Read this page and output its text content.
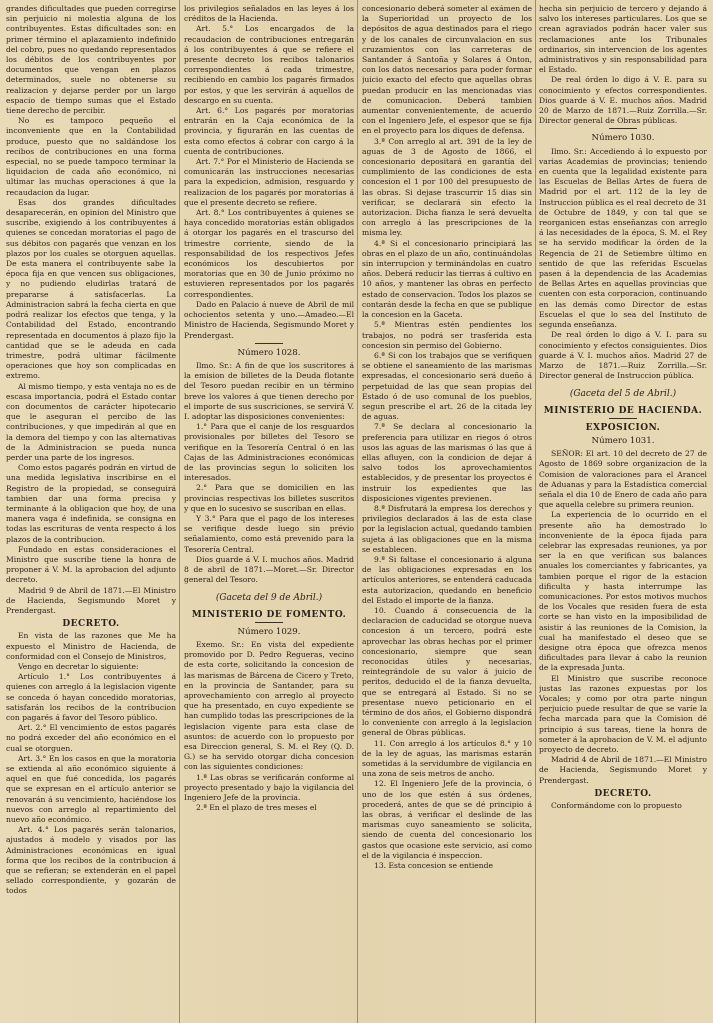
grandes dificultades que pueden corregirse sin perjuicio ni molestia alguna de los contribuyentes. Estas dificultades son: en primer término el aplazamiento indefinido del cobro, pues no quedando representados los débitos de los contribuyentes por documentos que vengan en plazos determinados, suele no obtenerse su realizacion y dejarse perder por un largo espacio de tiempo sumas que el Estado tiene derecho de percibir.

No es tampoco pequeño el inconveniente que en la Contabilidad produce, puesto que no saldándose los recibos de contribuciones en una forma especial, no se puede tampoco terminar la liquidacion de cada año económico, ni ultimar las muchas operaciones á que la recaudacion da lugar.

Esas dos grandes dificultades desaparecerán, en opinion del Ministro que suscribe, exigiendo á los contribuyentes á quienes se concedan moratorias el pago de sus débitos con pagarés que venzan en los plazos por los cuales se otorguen aquellas. De esta manera el contribuyente sabe la época fija en que vencen sus obligaciones, y no pudiendo eludirlas tratará de prepararse á satisfacerlas. La Administracion sabrá la fecha cierta en que podrá realizar los efectos que tenga, y la Contabilidad del Estado, encontrando representada en documentos á plazo fijo la cantidad que se le adeuda en cada trimestre, podrá ultimar fácilmente operaciones que hoy son complicadas en extremo.

Al mismo tiempo, y esta ventaja no es de escasa importancia, podrá el Estado contar con documentos de carácter hipotecario que le aseguran el percibo de las contribuciones, y que impedirán al que en la demora del tiempo y con las alternativas de la Administracion se pueda nunca perder una parte de los ingresos.

Como estos pagarés podrán en virtud de una medida legislativa inscribirse en el Registro de la propiedad, se conseguirá tambien dar una forma precisa y terminante á la obligacion que hoy, de una manera vaga é indefinida, se consigna en todas las escrituras de venta respecto á los plazos de la contribucion.

Fundado en estas consideraciones el Ministro que suscribe tiene la honra de proponer á V. M. la aprobacion del adjunto decreto.

Madrid 9 de Abril de 1871.—El Ministro de Hacienda, Segismundo Moret y Prendergast.

DECRETO.

En vista de las razones que Me ha expuesto el Ministro de Hacienda, de conformidad con el Consejo de Ministros,

Vengo en decretar lo siguiente:

Artículo 1.° Los contribuyentes á quienes con arreglo á la legislacion vigente se conceda ó hayan concedido moratorias, satisfarán los recibos de la contribucion con pagarés á favor del Tesoro público.

Art. 2.° El vencimiento de estos pagarés no podrá exceder del año económico en el cual se otorguen.

Art. 3.° En los casos en que la moratoria se extienda al año económico siguiente á aquel en que fué concedida, los pagarés que se expresan en el artículo anterior se renovarán á su vencimiento, haciéndose los nuevos con arreglo al repartimiento del nuevo año económico.

Art. 4.° Los pagarés serán talonarios, ajustados á modelo y visados por las Administraciones económicas en igual forma que los recibos de la contribucion á que se refieran; se extenderán en el papel sellado correspondiente, y gozarán de todos

los privilegios señalados en las leyes á los créditos de la Hacienda.

Art. 5.° Los encargados de la recaudacion de contribuciones entregarán á los contribuyentes á que se refiere el presente decreto los recibos talonarios correspondientes á cada trimestre, recibiendo en cambio los pagarés firmados por estos, y que les servirán á aquellos de descargo en su cuenta.

Art. 6.° Los pagarés por moratorias entrarán en la Caja económica de la provincia, y figurarán en las cuentas de esta como efectos á cobrar con cargo á la cuenta de contribuciones.

Art. 7.° Por el Ministerio de Hacienda se comunicarán las instrucciones necesarias para la expedicion, admision, resguardo y realizacion de los pagarés por moratorias á que el presente decreto se refiere.

Art. 8.° Los contribuyentes á quienes se haya concedido moratorias están obligados á otorgar los pagarés en el trascurso del trimestre corriente, siendo de la responsabilidad de los respectivos Jefes económicos los descubiertos por moratorias que en 30 de Junio próximo no estuvieren representados por los pagarés correspondientes.

Dado en Palacio á nueve de Abril de mil ochocientos setenta y uno.—Amadeo.—El Ministro de Hacienda, Segismundo Moret y Prendergast.

Número 1028.

Ilmo. Sr.: A fin de que los suscritores á la emision de billetes de la Deuda flotante del Tesoro puedan recibir en un término breve los valores á que tienen derecho por el importe de sus suscriciones, se servirá V. I. adoptar las disposiciones convenientes:

1.° Para que el canje de los resguardos provisionales por billetes del Tesoro se verifique en la Tesorería Central ó en las Cajas de las Administraciones económicas de las provincias segun lo soliciten los interesados.

2.° Para que se domicilien en las provincias respectivas los billetes suscritos y que en lo sucesivo se suscriban en ellas.

Y 3.° Para que el pago de los intereses se verifique desde luego sin prévio señalamiento, como está prevenido para la Tesorería Central.

Dios guarde á V. I. muchos años. Madrid 8 de abril de 1871.—Moret.—Sr. Director general del Tesoro.

(Gaceta del 9 de Abril.)

MINISTERIO DE FOMENTO.

Número 1029.

Exemo. Sr.: En vista del expediente promovido por D. Pedro Regueras, vecino de esta corte, solicitando la concesion de las marismas de Bárcena de Cicero y Treto, en la provincia de Santander, para su aprovechamiento con arreglo al proyecto que ha presentado, en cuyo expediente se han cumplido todas las prescripciones de la legislacion vigente para esta clase de asuntos: de acuerdo con lo propuesto por esa Direccion general, S. M. el Rey (Q. D. G.) se ha servido otorgar dicha concesion con las siguientes condiciones:

1.ª Las obras se verificarán conforme al proyecto presentado y bajo la vigilancia del Ingeniero Jefe de la provincia.

2.ª En el plazo de tres meses el

hecha sin perjuicio de tercero y dejando á salvo los intereses particulares. Los que se crean agraviados podrán hacer valer sus reclamaciones ante los Tribunales ordinarios, sin intervencion de los agentes administrativos y sin responsabilidad para el Estado.

De real órden lo digo á V. E. para su conocimiento y efectos correspondientes. Dios guarde á V. E. muchos años. Madrid 20 de Marzo de 1871.—Ruiz Zorrilla.—Sr. Director general de Obras públicas.

Número 1030.

Ilmo. Sr.: Accediendo á lo expuesto por varias Academias de provincias; teniendo en cuenta que la legalidad existente para las Escuelas de Bellas Artes de fuera de Madrid por el art. 112 de la ley de Instruccion pública es el real decreto de 31 de Octubre de 1849, y con tal que se reorganicen estas enseñanzas con arreglo á las necesidades de la época, S. M. el Rey se ha servido modificar la órden de la Regencia de 21 de Setiembre último en sentido de que las referidas Escuelas pasen á la dependencia de las Academias de Bellas Artes en aquellas provincias que cuenten con esta corporacion, continuando en las demás como Director de estas Escuelas el que lo sea del Instituto de segunda enseñanza.

De real órden lo digo á V. I. para su conocimiento y efectos consiguientes. Dios guarde á V. I. muchos años. Madrid 27 de Marzo de 1871.—Ruiz Zorrilla.—Sr. Director general de Instruccion pública.

(Gaceta del 5 de Abril.)

MINISTERIO DE HACIENDA.

EXPOSICION.

Número 1031.

SEÑOR: El art. 10 del decreto de 27 de Agosto de 1869 sobre organizacion de la Comision de valoraciones para el Arancel de Aduanas y para la Estadística comercial señala el dia 10 de Enero de cada año para que aquella celebre su primera reunion.

La experiencia de lo ocurrido en el presente año ha demostrado lo inconveniente de la época fijada para celebrar las expresadas reuniones, ya por ser la en que verifican sus balances anuales los comerciantes y fabricantes, ya tambien porque el rigor de la estacion dificulta y hasta interrumpe las comunicaciones. Por estos motivos muchos de los Vocales que residen fuera de esta corte se han visto en la imposibilidad de asistir á las reuniones de la Comision, la cual ha manifestado el deseo que se designe otra época que ofrezca menos dificultades para llevar á cabo la reunion de la expresada Junta.

El Ministro que suscribe reconoce justas las razones expuestas por los Vocales; y como por otra parte ningun perjuicio puede resultar de que se varíe la fecha marcada para que la Comision dé principio á sus tareas, tiene la honra de someter á la aprobacion de V. M. el adjunto proyecto de decreto.

Madrid 4 de Abril de 1871.—El Ministro de Hacienda, Segismundo Moret y Prendergast.

DECRETO.

Conformándome con lo propuesto

concesionario deberá someter al exámen de la Superioridad un proyecto de los depósitos de agua destinados para el riego y de los canales de circunvalacion en sus cruzamientos con las carreteras de Santander á Santoña y Solares á Onton, con los datos necesarios para poder formar juicio exacto del efecto que aquellas obras puedan producir en las mencionadas vias de comunicacion. Deberá tambien aumentar convenientemente, de acuerdo con el Ingeniero Jefe, el espesor que se fija en el proyecto para los diques de defensa.

3.ª Con arreglo al art. 391 de la ley de aguas de 3 de Agosto de 1866, el concesionario depositará en garantía del cumplimiento de las condiciones de esta concesion el 1 por 100 del presupuesto de las obras. Si dejase trascurrir 15 dias sin verificar, se declarará sin efecto la autorizacion. Dicha fianza le será devuelta con arreglo á las prescripciones de la misma ley.

4.ª Si el concesionario principiará las obras en el plazo de un año, continuándolas sin interrupcion y terminándolas en cuatro años. Deberá reducir las tierras á cultivo en 10 años, y mantener las obras en perfecto estado de conservacion. Todos los plazos se contarán desde la fecha en que se publique la concesion en la Gaceta.

5.ª Mientras estén pendientes los trabajos, no podrá ser trasferida esta concesion sin permiso del Gobierno.

6.ª Si con los trabajos que se verifiquen se obtiene el saneamiento de las marismas expresadas, el concesionario será dueño á perpetuidad de las que sean propias del Estado ó de uso comunal de los pueblos, segun prescribe el art. 26 de la citada ley de aguas.

7.ª Se declara al concesionario la preferencia para utilizar en riegos ó otros usos las aguas de las marismas ó las que á ellas afluyen, con la condicion de dejar á salvo todos los aprovechamientos establecidos, y de presentar los proyectos é instruir los expedientes que las disposiciones vigentes previenen.

8.ª Disfrutará la empresa los derechos y privilegios declarados á las de esta clase por la legislacion actual, quedando tambien sujeta á las obligaciones que en la misma se establecen.

9.ª Si faltase el concesionario á alguna de las obligaciones expresadas en los artículos anteriores, se entenderá caducada esta autorizacion, quedando en beneficio del Estado el importe de la fianza.

10. Cuando á consecuencia de la declaracion de caducidad se otorgue nueva concesion á un tercero, podrá este aprovechar las obras hechas por el primer concesionario, siempre que sean reconocidas útiles y necesarias, reintegrándole de su valor á juicio de peritos, deducido el de la fianza devuelta, que se entregará al Estado. Si no se presentase nuevo peticionario en el término de dos años, el Gobierno dispondrá lo conveniente con arreglo á la legislacion general de Obras públicas.

11. Con arreglo á los artículos 8.° y 10 de la ley de aguas, las marismas estarán sometidas á la servidumbre de vigilancia en una zona de seis metros de ancho.

12. El Ingeniero Jefe de la provincia, ó uno de los que estén á sus órdenes, procederá, antes de que se dé principio á las obras, á verificar el deslinde de las marismas cuyo saneamiento se solicita, siendo de cuenta del concesionario los gastos que ocasione este servicio, así como el de la vigilancia é inspeccion.

13. Esta concesion se entiende
